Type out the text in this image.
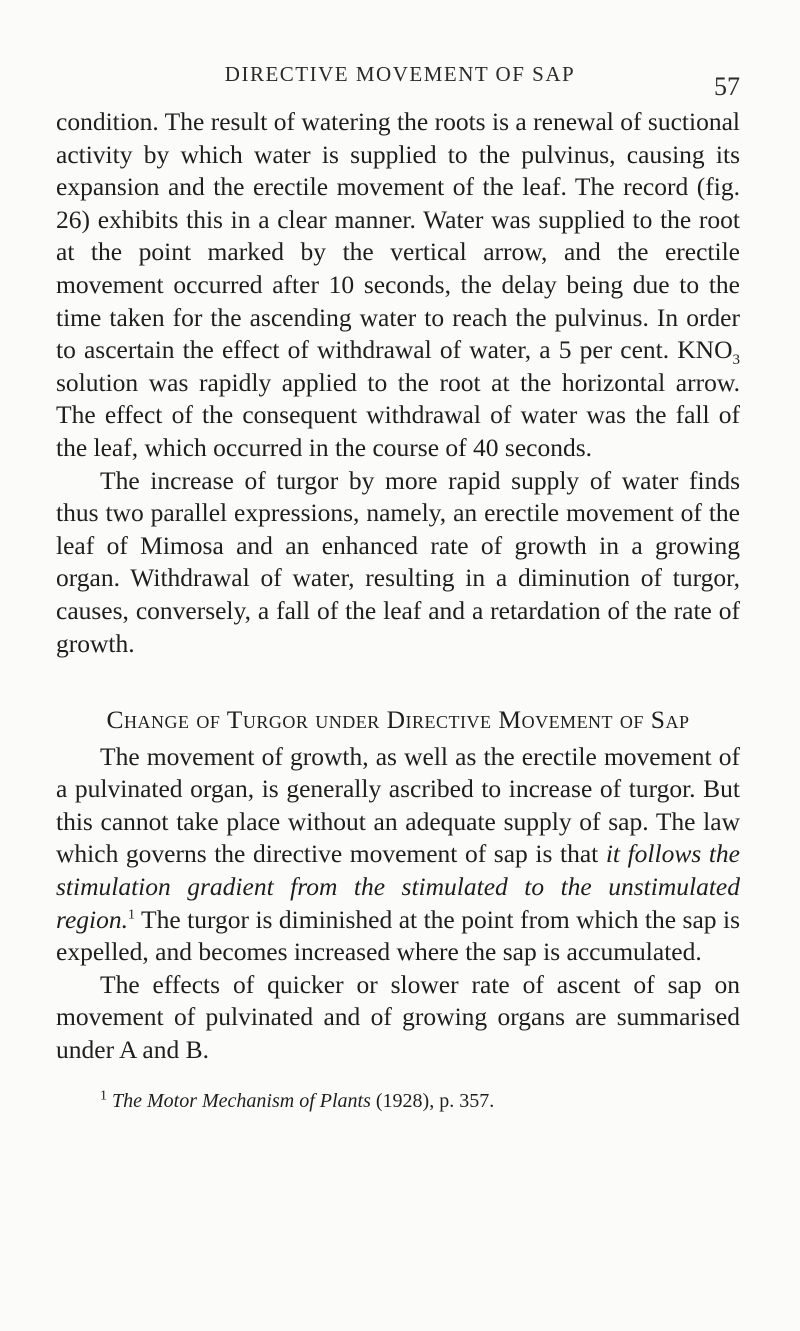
DIRECTIVE MOVEMENT OF SAP	57

condition. The result of watering the roots is a renewal of suctional activity by which water is supplied to the pulvinus, causing its expansion and the erectile movement of the leaf. The record (fig. 26) exhibits this in a clear manner. Water was supplied to the root at the point marked by the vertical arrow, and the erectile movement occurred after 10 seconds, the delay being due to the time taken for the ascending water to reach the pulvinus. In order to ascertain the effect of withdrawal of water, a 5 per cent. $KNO_3$ solution was rapidly applied to the root at the horizontal arrow. The effect of the consequent withdrawal of water was the fall of the leaf, which occurred in the course of 40 seconds.

The increase of turgor by more rapid supply of water finds thus two parallel expressions, namely, an erectile movement of the leaf of Mimosa and an enhanced rate of growth in a growing organ. Withdrawal of water, resulting in a diminution of turgor, causes, conversely, a fall of the leaf and a retardation of the rate of growth.

Change of Turgor under Directive Movement of Sap

The movement of growth, as well as the erectile movement of a pulvinated organ, is generally ascribed to increase of turgor. But this cannot take place without an adequate supply of sap. The law which governs the directive movement of sap is that it follows the stimulation gradient from the stimulated to the unstimulated region.$^1$ The turgor is diminished at the point from which the sap is expelled, and becomes increased where the sap is accumulated.

The effects of quicker or slower rate of ascent of sap on movement of pulvinated and of growing organs are summarised under A and B.

$^1$ The Motor Mechanism of Plants (1928), p. 357.
